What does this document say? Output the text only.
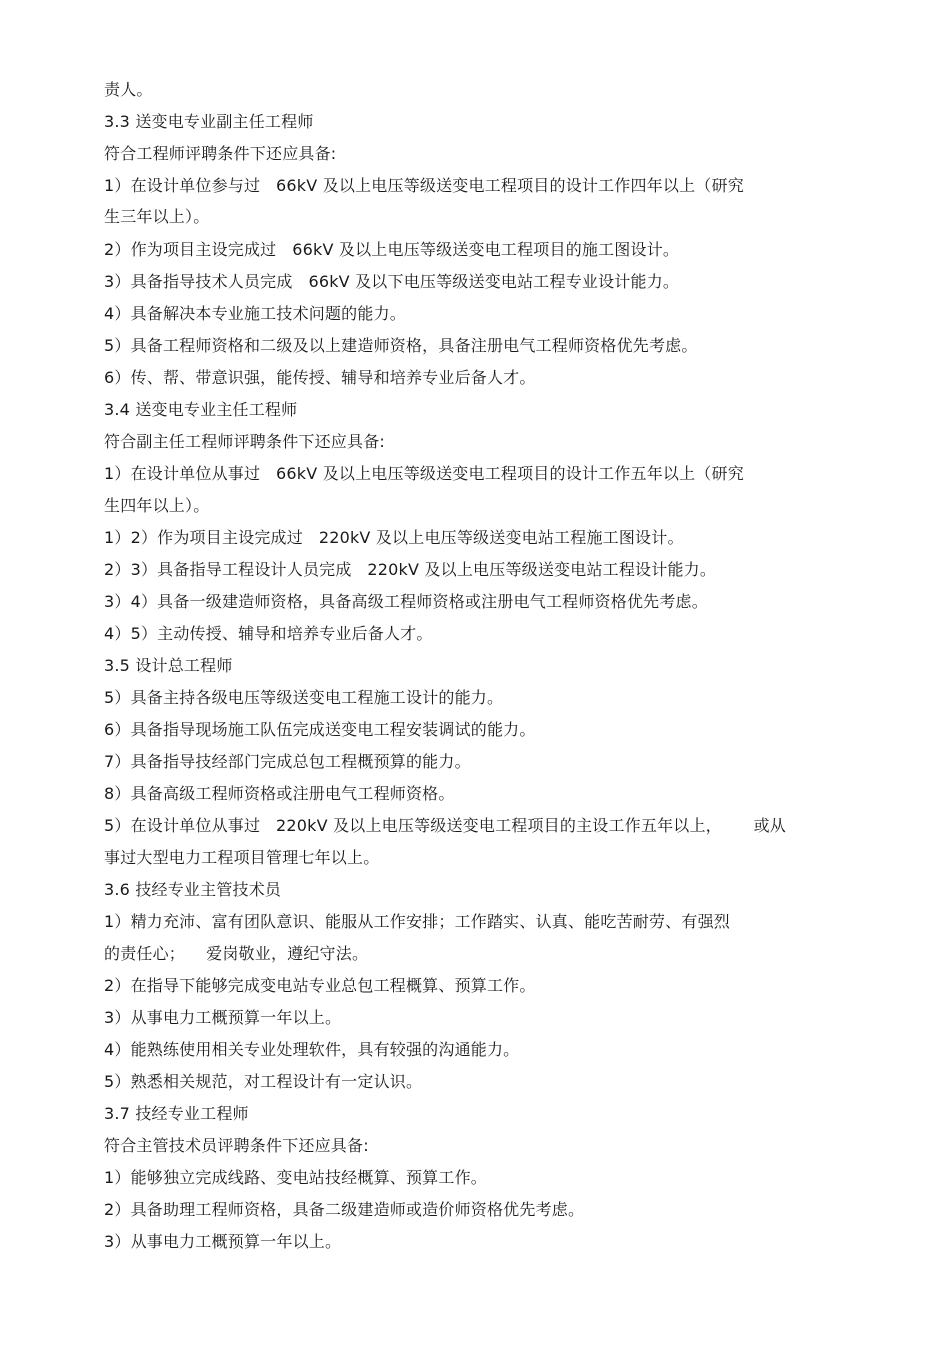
责人。
3.3 送变电专业副主任工程师
符合工程师评聘条件下还应具备:
1）在设计单位参与过   66kV 及以上电压等级送变电工程项目的设计工作四年以上（研究
生三年以上）。
2）作为项目主设完成过   66kV 及以上电压等级送变电工程项目的施工图设计。
3）具备指导技术人员完成   66kV 及以下电压等级送变电站工程专业设计能力。
4）具备解决本专业施工技术问题的能力。
5）具备工程师资格和二级及以上建造师资格，具备注册电气工程师资格优先考虑。
6）传、帮、带意识强，能传授、辅导和培养专业后备人才。
3.4 送变电专业主任工程师
符合副主任工程师评聘条件下还应具备:
1）在设计单位从事过   66kV 及以上电压等级送变电工程项目的设计工作五年以上（研究
生四年以上）。
1）2）作为项目主设完成过   220kV 及以上电压等级送变电站工程施工图设计。
2）3）具备指导工程设计人员完成   220kV 及以上电压等级送变电站工程设计能力。
3）4）具备一级建造师资格，具备高级工程师资格或注册电气工程师资格优先考虑。
4）5）主动传授、辅导和培养专业后备人才。
3.5 设计总工程师
5）具备主持各级电压等级送变电工程施工设计的能力。
6）具备指导现场施工队伍完成送变电工程安装调试的能力。
7）具备指导技经部门完成总包工程概预算的能力。
8）具备高级工程师资格或注册电气工程师资格。
5）在设计单位从事过   220kV 及以上电压等级送变电工程项目的主设工作五年以上，      或从
事过大型电力工程项目管理七年以上。
3.6 技经专业主管技术员
1）精力充沛、富有团队意识、能服从工作安排；工作踏实、认真、能吃苦耐劳、有强烈
的责任心；    爱岗敬业，遵纪守法。
2）在指导下能够完成变电站专业总包工程概算、预算工作。
3）从事电力工概预算一年以上。
4）能熟练使用相关专业处理软件，具有较强的沟通能力。
5）熟悉相关规范，对工程设计有一定认识。
3.7 技经专业工程师
符合主管技术员评聘条件下还应具备:
1）能够独立完成线路、变电站技经概算、预算工作。
2）具备助理工程师资格，具备二级建造师或造价师资格优先考虑。
3）从事电力工概预算一年以上。
